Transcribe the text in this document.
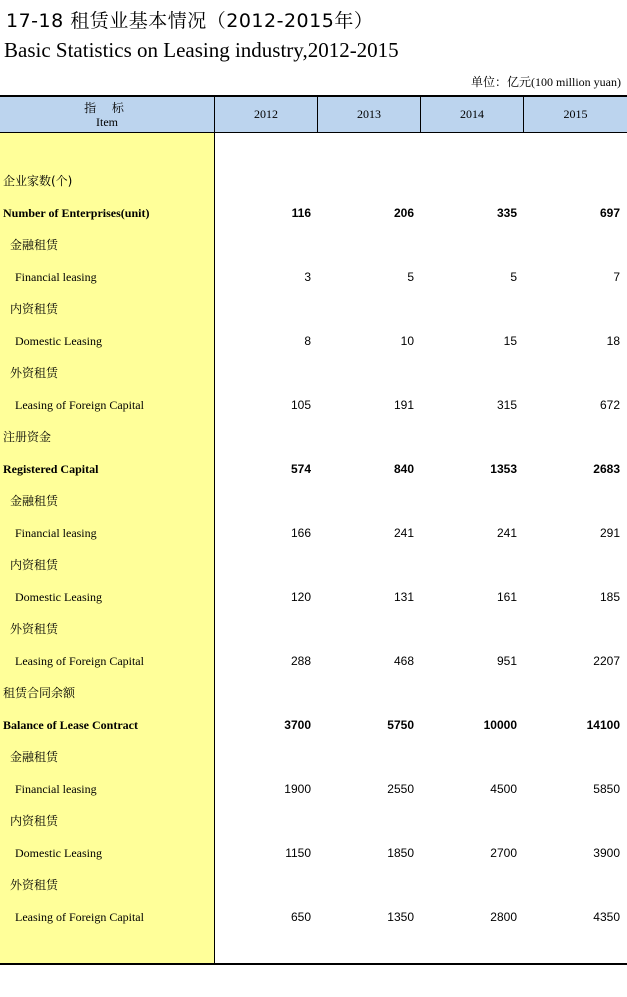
17-18 租赁业基本情况（2012-2015年）
Basic Statistics on Leasing industry,2012-2015
单位：亿元(100 million yuan)
指 标
Item
2012	2013	2014	2015
企业家数(个)
Number of Enterprises(unit)	116	206	335	697
金融租赁
Financial leasing	3	5	5	7
内资租赁
Domestic Leasing	8	10	15	18
外资租赁
Leasing of Foreign Capital	105	191	315	672
注册资金
Registered Capital	574	840	1353	2683
金融租赁
Financial leasing	166	241	241	291
内资租赁
Domestic Leasing	120	131	161	185
外资租赁
Leasing of Foreign Capital	288	468	951	2207
租赁合同余额
Balance of Lease Contract	3700	5750	10000	14100
金融租赁
Financial leasing	1900	2550	4500	5850
内资租赁
Domestic Leasing	1150	1850	2700	3900
外资租赁
Leasing of Foreign Capital	650	1350	2800	4350
